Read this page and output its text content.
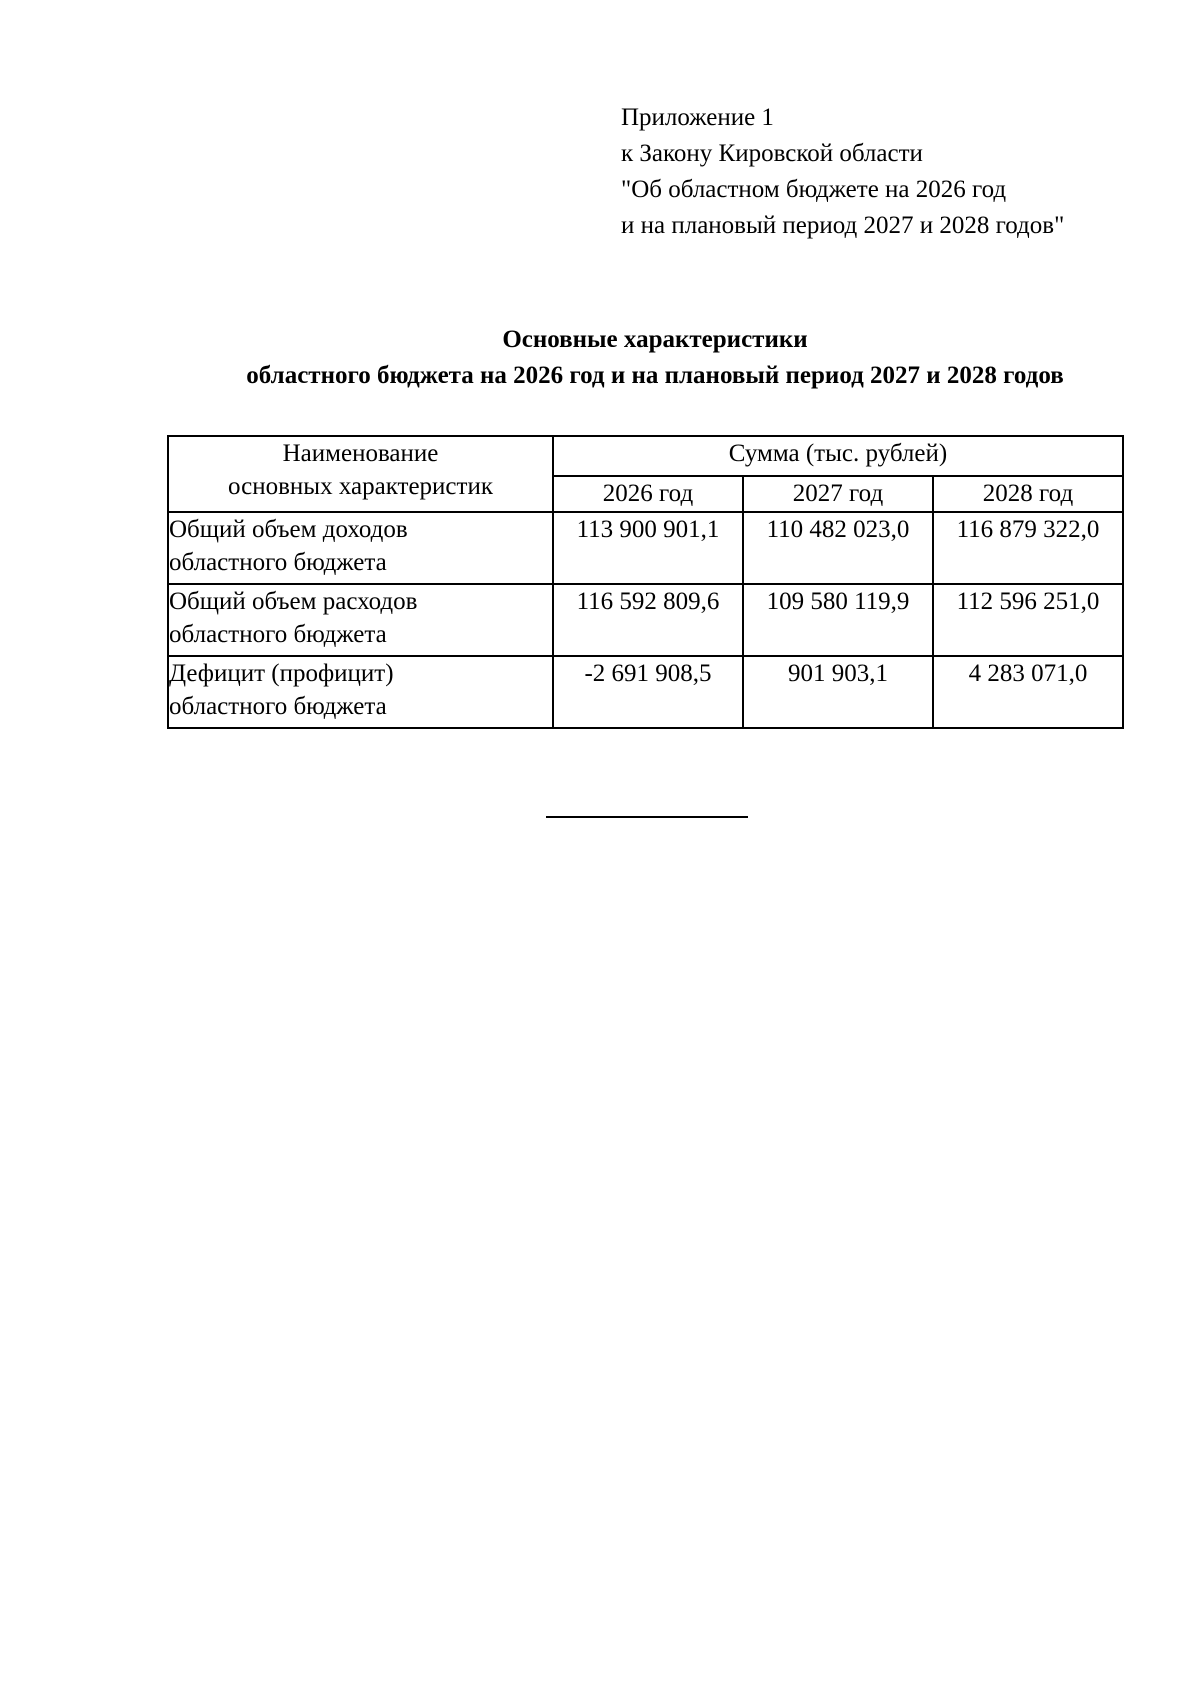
Приложение 1
к Закону Кировской области
"Об областном бюджете на 2026 год
и на плановый период 2027 и 2028 годов"
Основные характеристики
областного бюджета на 2026 год и на плановый период 2027 и 2028 годов
Наименование
основных характеристик	Сумма (тыс. рублей)		
	2026 год	2027 год	2028 год

Общий объем доходов
областного бюджета	113 900 901,1	110 482 023,0	116 879 322,0

Общий объем расходов
областного бюджета	116 592 809,6	109 580 119,9	112 596 251,0

Дефицит (профицит)
областного бюджета	-2 691 908,5	901 903,1	4 283 071,0
